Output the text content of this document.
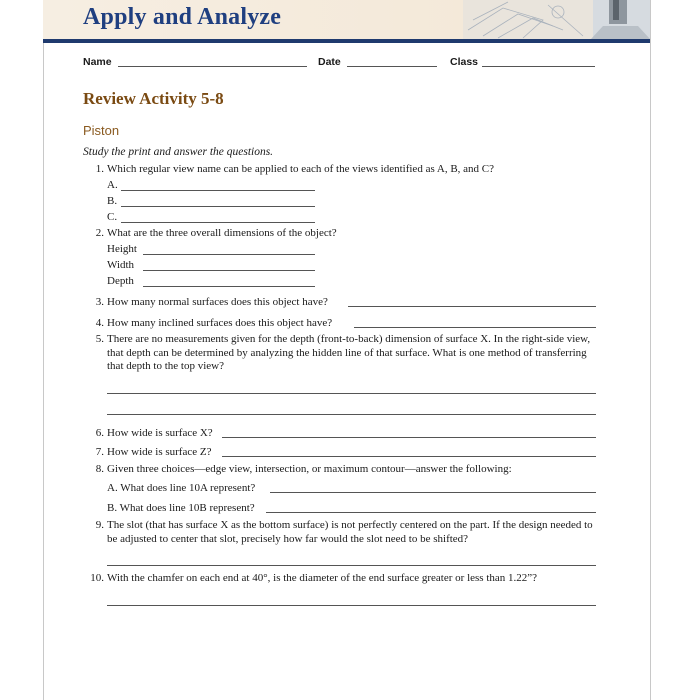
Apply and Analyze
Name	Date	Class
Review Activity 5-8
Piston
Study the print and answer the questions.
1. Which regular view name can be applied to each of the views identified as A, B, and C?
A.
B.
C.
2. What are the three overall dimensions of the object?
Height
Width
Depth
3. How many normal surfaces does this object have?
4. How many inclined surfaces does this object have?
5. There are no measurements given for the depth (front-to-back) dimension of surface X. In the right-side view, that depth can be determined by analyzing the hidden line of that surface. What is one method of transferring that depth to the top view?
6. How wide is surface X?
7. How wide is surface Z?
8. Given three choices—edge view, intersection, or maximum contour—answer the following:
A. What does line 10A represent?
B. What does line 10B represent?
9. The slot (that has surface X as the bottom surface) is not perfectly centered on the part. If the design needed to be adjusted to center that slot, precisely how far would the slot need to be shifted?
10. With the chamfer on each end at 40°, is the diameter of the end surface greater or less than 1.22”?
